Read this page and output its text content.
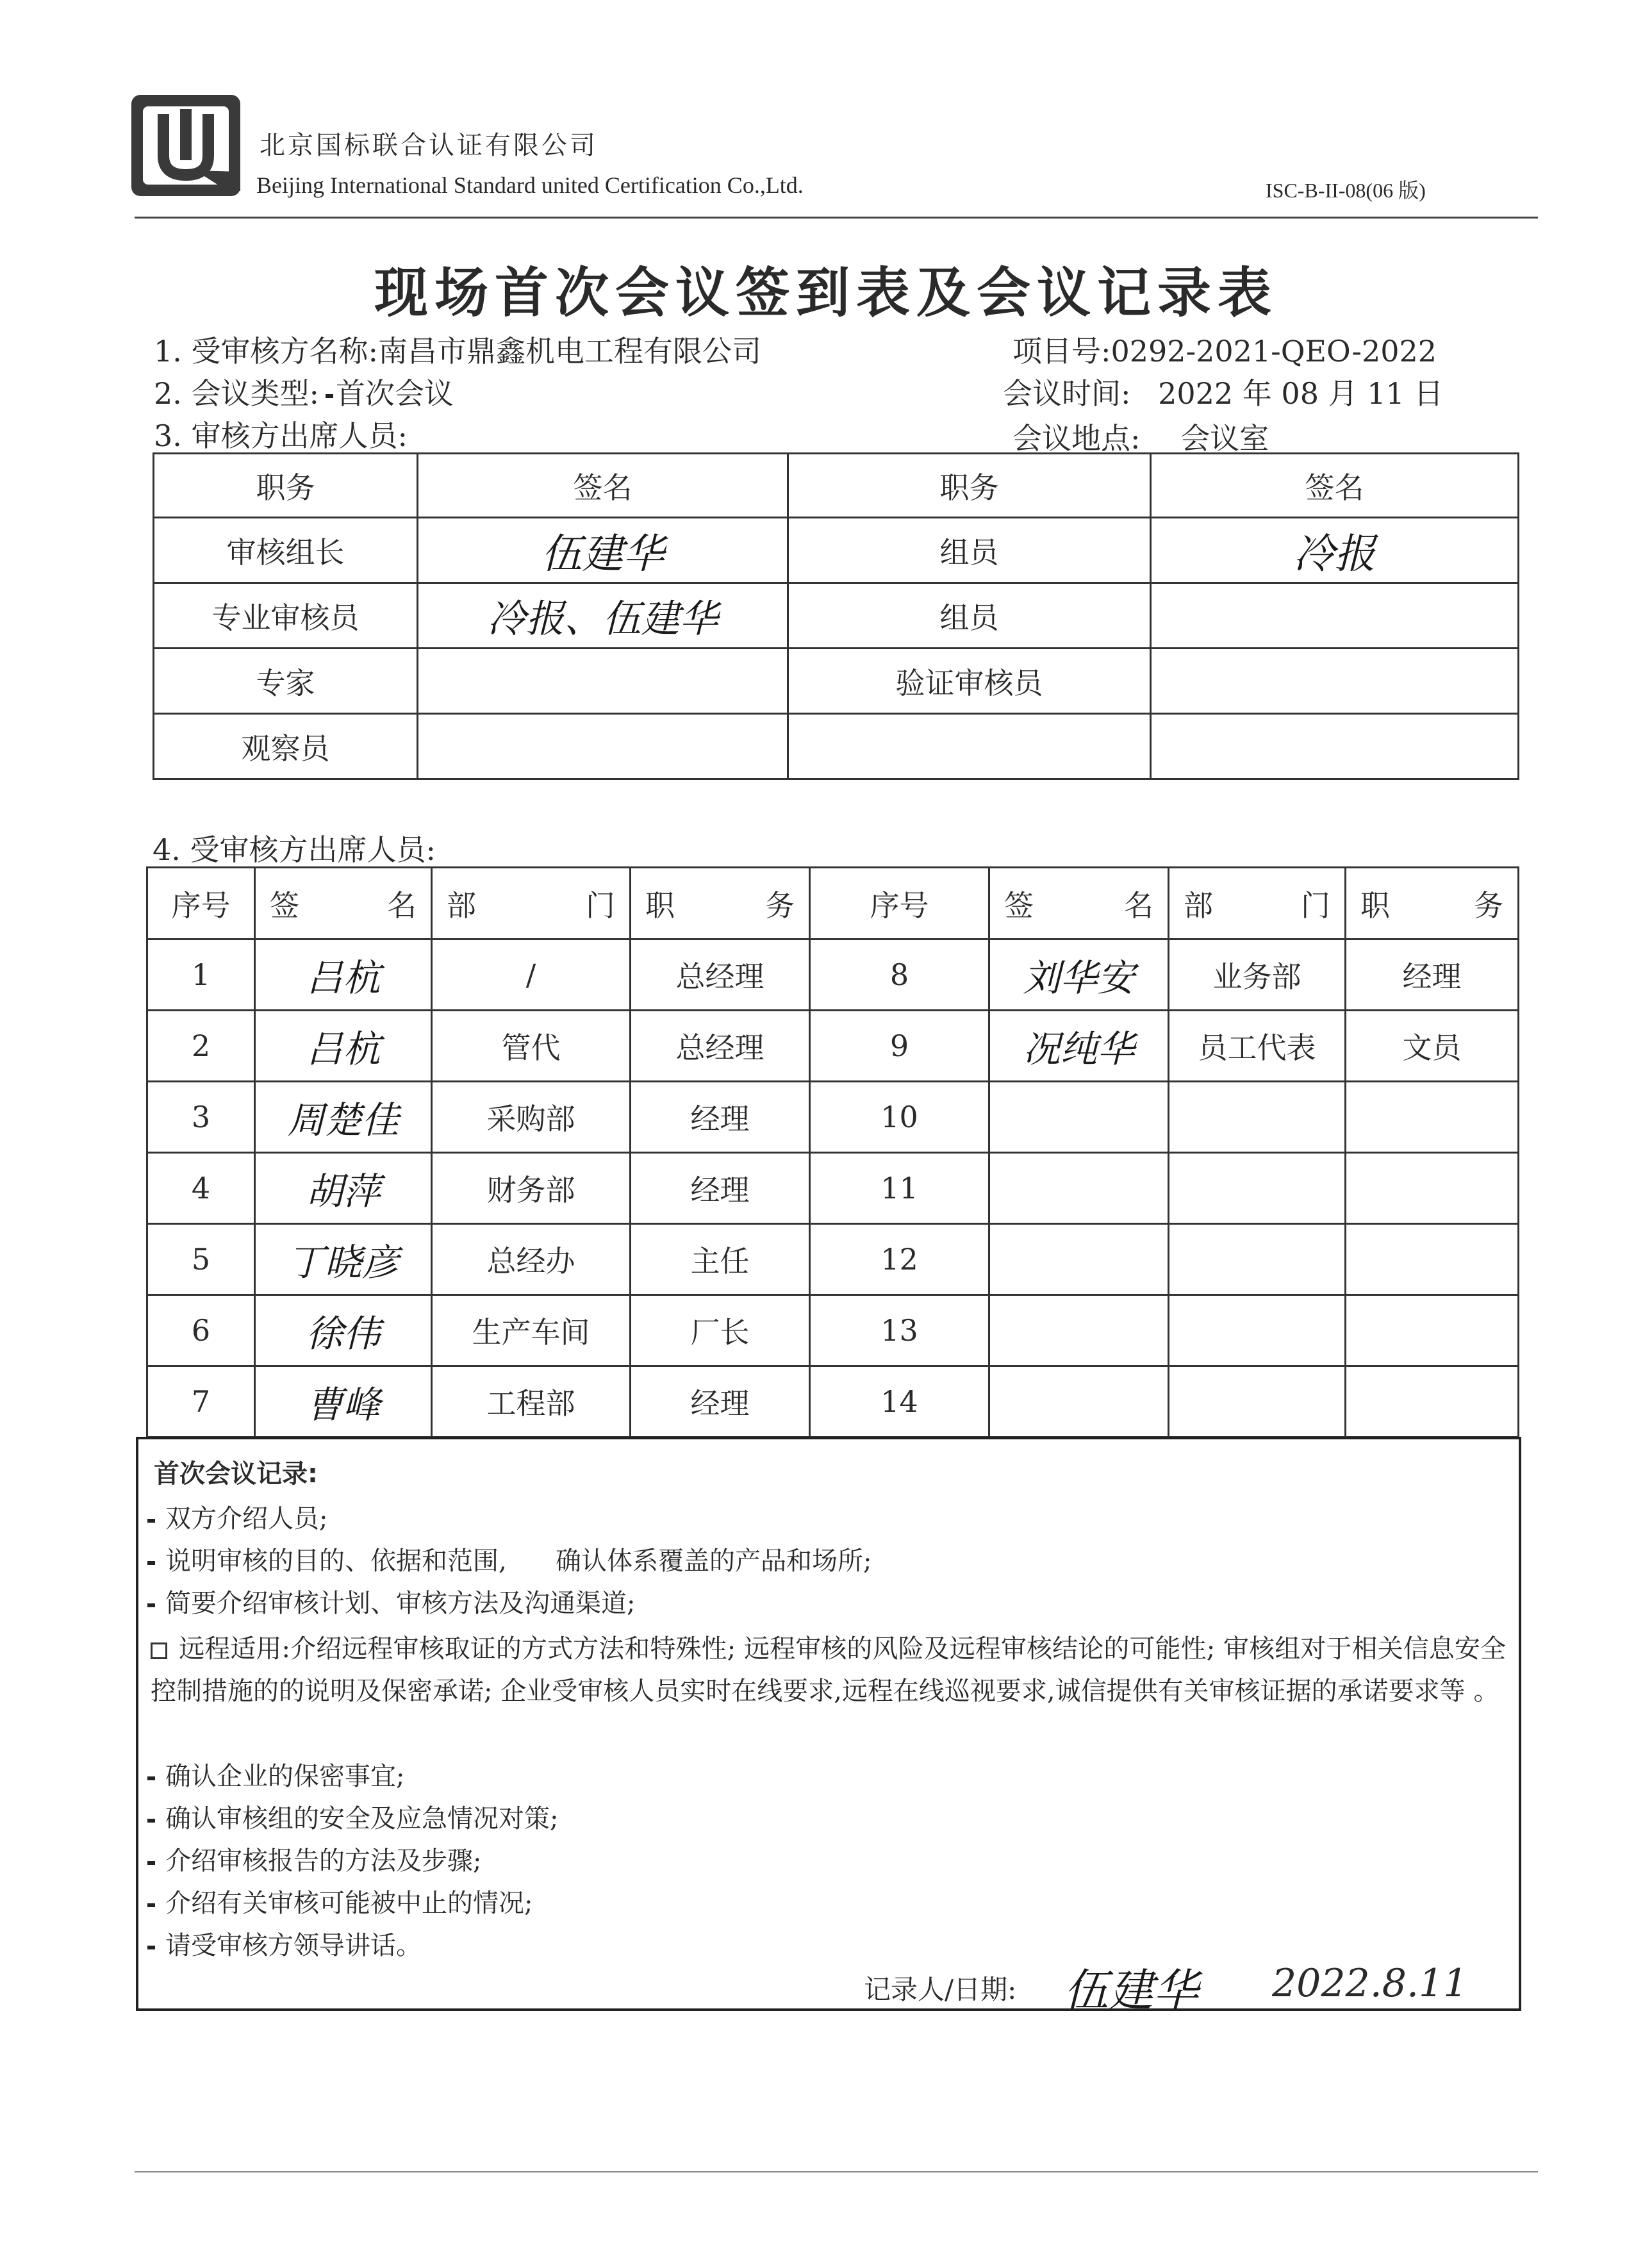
北京国标联合认证有限公司
Beijing International Standard united Certification Co.,Ltd.	ISC-B-II-08(06 版)
现场首次会议签到表及会议记录表
1. 受审核方名称:南昌市鼎鑫机电工程有限公司	项目号:0292-2021-QEO-2022
2. 会议类型: 首次会议	会议时间: 2022 年 08 月 11 日
3. 审核方出席人员:	会议地点: 会议室
职务	签名	职务	签名
审核组长	伍建华	组员	冷报
专业审核员	冷报、伍建华	组员	
专家		验证审核员	
观察员			
4. 受审核方出席人员:
序号	签名	部门	职务	序号	签名	部门	职务
1	吕杭	/	总经理	8	刘华安	业务部	经理
2	吕杭	管代	总经理	9	况纯华	员工代表	文员
3	周楚佳	采购部	经理	10			
4	胡萍	财务部	经理	11			
5	丁晓彦	总经办	主任	12			
6	徐伟	生产车间	厂长	13			
7	曹峰	工程部	经理	14			
首次会议记录:
双方介绍人员;
说明审核的目的、依据和范围,      确认体系覆盖的产品和场所;
简要介绍审核计划、审核方法及沟通渠道;
远程适用:介绍远程审核取证的方式方法和特殊性; 远程审核的风险及远程审核结论的可能性; 审核组对于相关信息安全控制措施的的说明及保密承诺; 企业受审核人员实时在线要求,远程在线巡视要求,诚信提供有关审核证据的承诺要求等 。
确认企业的保密事宜;
确认审核组的安全及应急情况对策;
介绍审核报告的方法及步骤;
介绍有关审核可能被中止的情况;
请受审核方领导讲话。
记录人/日期: 伍建华 2022.8.11
